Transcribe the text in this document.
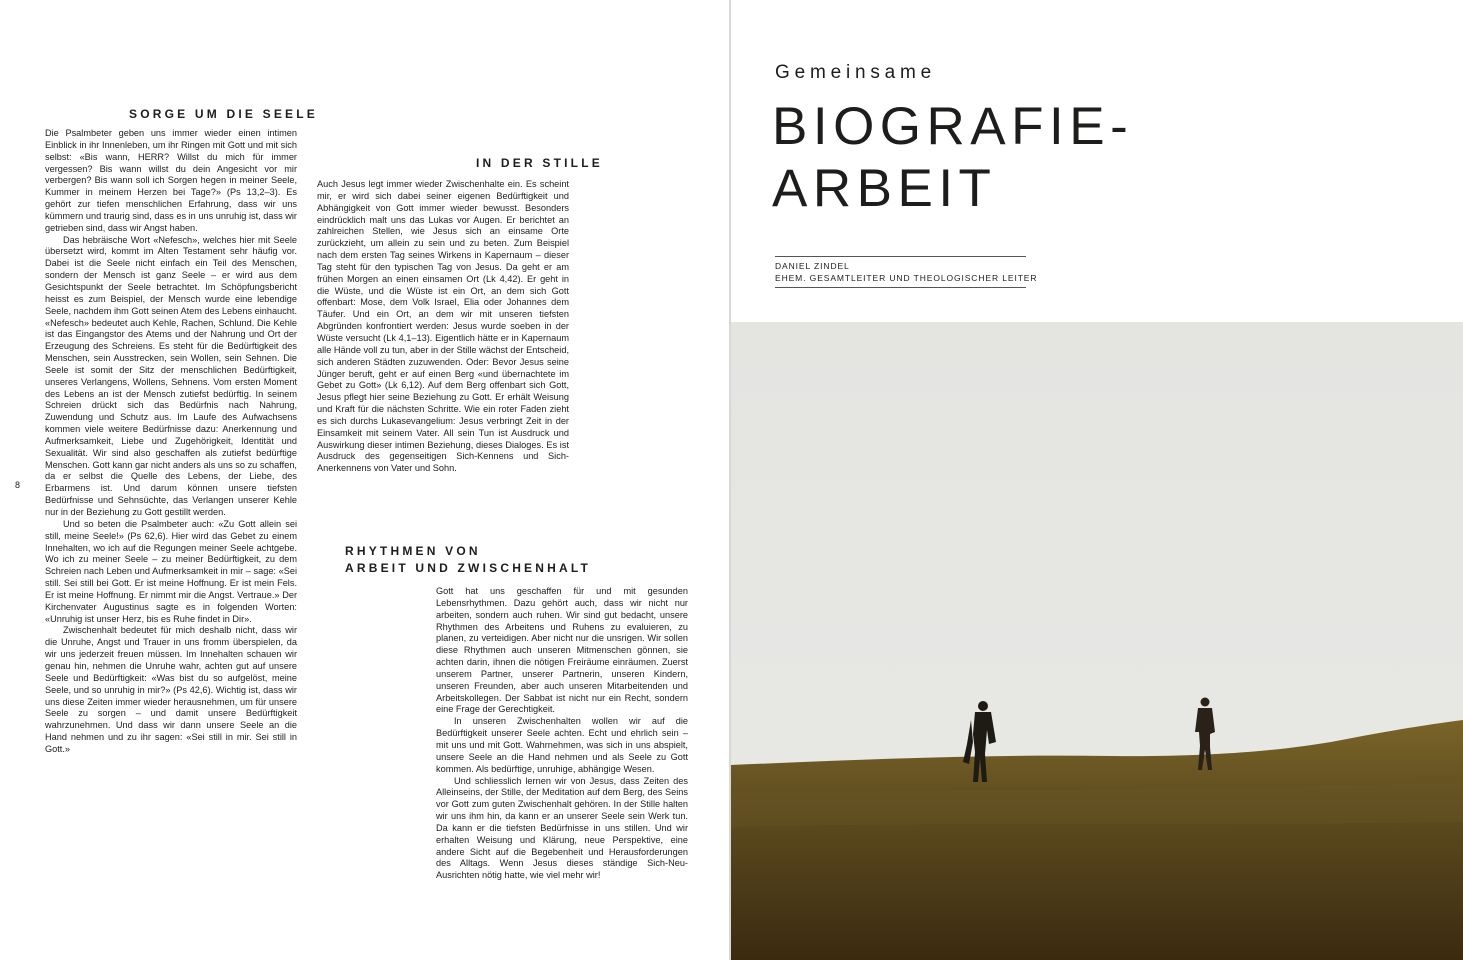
SORGE UM DIE SEELE

Die Psalmbeter geben uns immer wieder einen intimen Einblick in ihr Innenleben, um ihr Ringen mit Gott und mit sich selbst: «Bis wann, HERR? Willst du mich für immer vergessen? Bis wann willst du dein Angesicht vor mir verbergen? Bis wann soll ich Sorgen hegen in meiner Seele, Kummer in meinem Herzen bei Tage?» (Ps 13,2–3). Es gehört zur tiefen menschlichen Erfahrung, dass wir uns kümmern und traurig sind, dass es in uns unruhig ist, dass wir getrieben sind, dass wir Angst haben.

Das hebräische Wort «Nefesch», welches hier mit Seele übersetzt wird, kommt im Alten Testament sehr häufig vor. Dabei ist die Seele nicht einfach ein Teil des Menschen, sondern der Mensch ist ganz Seele – er wird aus dem Gesichtspunkt der Seele betrachtet. Im Schöpfungsbericht heisst es zum Beispiel, der Mensch wurde eine lebendige Seele, nachdem ihm Gott seinen Atem des Lebens einhaucht. «Nefesch» bedeutet auch Kehle, Rachen, Schlund. Die Kehle ist das Eingangstor des Atems und der Nahrung und Ort der Erzeugung des Schreiens. Es steht für die Bedürftigkeit des Menschen, sein Ausstrecken, sein Wollen, sein Sehnen. Die Seele ist somit der Sitz der menschlichen Bedürftigkeit, unseres Verlangens, Wollens, Sehnens. Vom ersten Moment des Lebens an ist der Mensch zutiefst bedürftig. In seinem Schreien drückt sich das Bedürfnis nach Nahrung, Zuwendung und Schutz aus. Im Laufe des Aufwachsens kommen viele weitere Bedürfnisse dazu: Anerkennung und Aufmerksamkeit, Liebe und Zugehörigkeit, Identität und Sexualität. Wir sind also geschaffen als zutiefst bedürftige Menschen. Gott kann gar nicht anders als uns so zu schaffen, da er selbst die Quelle des Lebens, der Liebe, des Erbarmens ist. Und darum können unsere tiefsten Bedürfnisse und Sehnsüchte, das Verlangen unserer Kehle nur in der Beziehung zu Gott gestillt werden.

Und so beten die Psalmbeter auch: «Zu Gott allein sei still, meine Seele!» (Ps 62,6). Hier wird das Gebet zu einem Innehalten, wo ich auf die Regungen meiner Seele achtgebe. Wo ich zu meiner Seele – zu meiner Bedürftigkeit, zu dem Schreien nach Leben und Aufmerksamkeit in mir – sage: «Sei still. Sei still bei Gott. Er ist meine Hoffnung. Er ist mein Fels. Er ist meine Hoffnung. Er nimmt mir die Angst. Vertraue.» Der Kirchenvater Augustinus sagte es in folgenden Worten: «Unruhig ist unser Herz, bis es Ruhe findet in Dir».

Zwischenhalt bedeutet für mich deshalb nicht, dass wir die Unruhe, Angst und Trauer in uns fromm überspielen, da wir uns jederzeit freuen müssen. Im Innehalten schauen wir genau hin, nehmen die Unruhe wahr, achten gut auf unsere Seele und Bedürftigkeit: «Was bist du so aufgelöst, meine Seele, und so unruhig in mir?» (Ps 42,6). Wichtig ist, dass wir uns diese Zeiten immer wieder herausnehmen, um für unsere Seele zu sorgen – und damit unsere Bedürftigkeit wahrzunehmen. Und dass wir dann unsere Seele an die Hand nehmen und zu ihr sagen: «Sei still in mir. Sei still in Gott.»

IN DER STILLE

Auch Jesus legt immer wieder Zwischenhalte ein. Es scheint mir, er wird sich dabei seiner eigenen Bedürftigkeit und Abhängigkeit von Gott immer wieder bewusst. Besonders eindrücklich malt uns das Lukas vor Augen. Er berichtet an zahlreichen Stellen, wie Jesus sich an einsame Orte zurückzieht, um allein zu sein und zu beten. Zum Beispiel nach dem ersten Tag seines Wirkens in Kapernaum – dieser Tag steht für den typischen Tag von Jesus. Da geht er am frühen Morgen an einen einsamen Ort (Lk 4,42). Er geht in die Wüste, und die Wüste ist ein Ort, an dem sich Gott offenbart: Mose, dem Volk Israel, Elia oder Johannes dem Täufer. Und ein Ort, an dem wir mit unseren tiefsten Abgründen konfrontiert werden: Jesus wurde soeben in der Wüste versucht (Lk 4,1–13). Eigentlich hätte er in Kapernaum alle Hände voll zu tun, aber in der Stille wächst der Entscheid, sich anderen Städten zuzuwenden. Oder: Bevor Jesus seine Jünger beruft, geht er auf einen Berg «und übernachtete im Gebet zu Gott» (Lk 6,12). Auf dem Berg offenbart sich Gott, Jesus pflegt hier seine Beziehung zu Gott. Er erhält Weisung und Kraft für die nächsten Schritte. Wie ein roter Faden zieht es sich durchs Lukasevangelium: Jesus verbringt Zeit in der Einsamkeit mit seinem Vater. All sein Tun ist Ausdruck und Auswirkung dieser intimen Beziehung, dieses Dialoges. Es ist Ausdruck des gegenseitigen Sich-Kennens und Sich-Anerkennens von Vater und Sohn.

RHYTHMEN VON
ARBEIT UND ZWISCHENHALT

Gott hat uns geschaffen für und mit gesunden Lebensrhythmen. Dazu gehört auch, dass wir nicht nur arbeiten, sondern auch ruhen. Wir sind gut bedacht, unsere Rhythmen des Arbeitens und Ruhens zu evaluieren, zu planen, zu verteidigen. Aber nicht nur die unsrigen. Wir sollen diese Rhythmen auch unseren Mitmenschen gönnen, sie achten darin, ihnen die nötigen Freiräume einräumen. Zuerst unserem Partner, unserer Partnerin, unseren Kindern, unseren Freunden, aber auch unseren Mitarbeitenden und Arbeitskollegen. Der Sabbat ist nicht nur ein Recht, sondern eine Frage der Gerechtigkeit.

In unseren Zwischenhalten wollen wir auf die Bedürftigkeit unserer Seele achten. Echt und ehrlich sein – mit uns und mit Gott. Wahrnehmen, was sich in uns abspielt, unsere Seele an die Hand nehmen und als Seele zu Gott kommen. Als bedürftige, unruhige, abhängige Wesen.

Und schliesslich lernen wir von Jesus, dass Zeiten des Alleinseins, der Stille, der Meditation auf dem Berg, des Seins vor Gott zum guten Zwischenhalt gehören. In der Stille halten wir uns ihm hin, da kann er an unserer Seele sein Werk tun. Da kann er die tiefsten Bedürfnisse in uns stillen. Und wir erhalten Weisung und Klärung, neue Perspektive, eine andere Sicht auf die Begebenheit und Herausforderungen des Alltags. Wenn Jesus dieses ständige Sich-Neu-Ausrichten nötig hatte, wie viel mehr wir!

8
Gemeinsame
BIOGRAFIE-
ARBEIT
DANIEL ZINDEL
EHEM. GESAMTLEITER UND THEOLOGISCHER LEITER
